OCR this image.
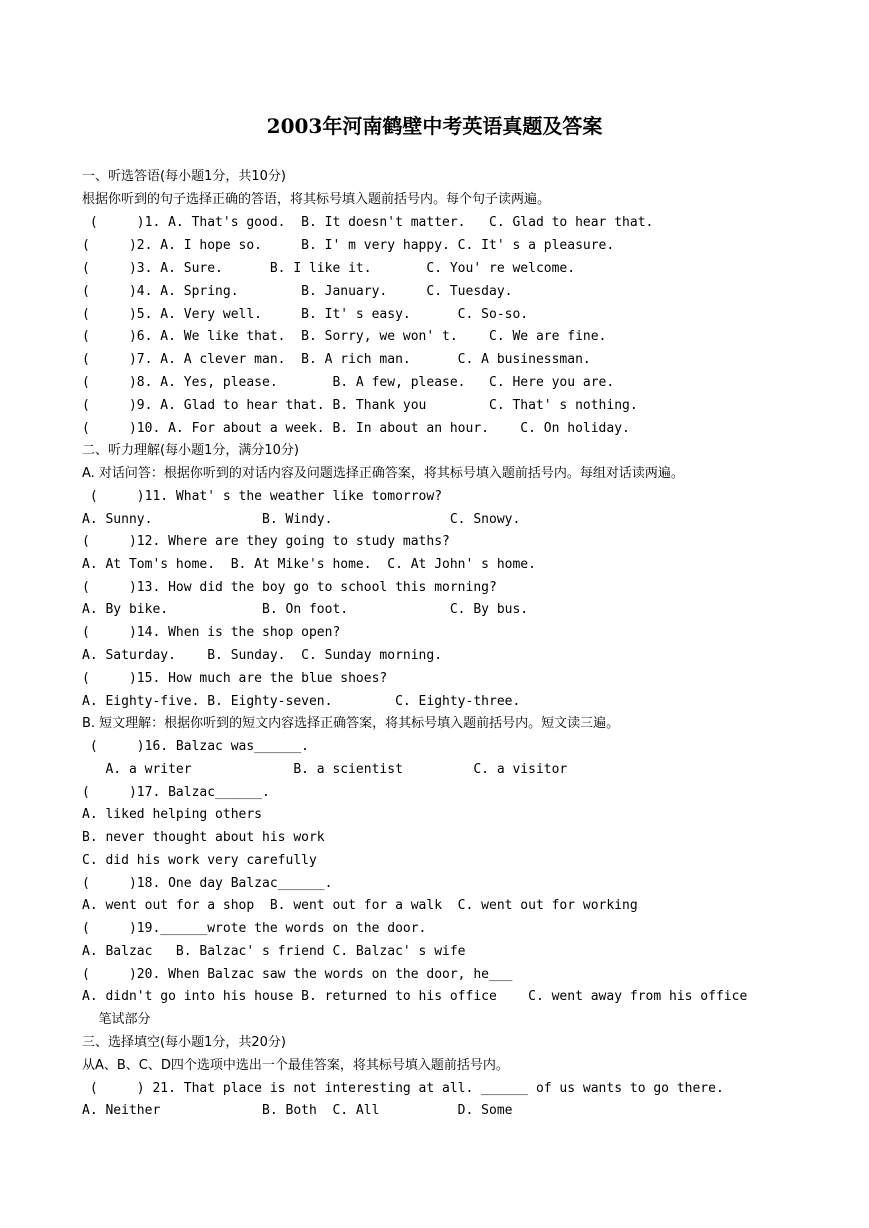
2003年河南鹤壁中考英语真题及答案
一、听选答语(每小题1分，共10分)
根据你听到的句子选择正确的答语，将其标号填入题前括号内。每个句子读两遍。
(     )1. A. That's good.  B. It doesn't matter.   C. Glad to hear that.
(     )2. A. I hope so.     B. I' m very happy. C. It' s a pleasure.
(     )3. A. Sure.      B. I like it.       C. You' re welcome.
(     )4. A. Spring.        B. January.     C. Tuesday.
(     )5. A. Very well.     B. It' s easy.      C. So-so.
(     )6. A. We like that.  B. Sorry, we won' t.    C. We are fine.
(     )7. A. A clever man.  B. A rich man.      C. A businessman.
(     )8. A. Yes, please.       B. A few, please.   C. Here you are.
(     )9. A. Glad to hear that. B. Thank you        C. That' s nothing.
(     )10. A. For about a week. B. In about an hour.    C. On holiday.
二、听力理解(每小题1分，满分10分)
A. 对话问答：根据你听到的对话内容及问题选择正确答案，将其标号填入题前括号内。每组对话读两遍。
(     )11. What' s the weather like tomorrow?
A. Sunny.              B. Windy.               C. Snowy.
(     )12. Where are they going to study maths?
A. At Tom's home.  B. At Mike's home.  C. At John' s home.
(     )13. How did the boy go to school this morning?
A. By bike.            B. On foot.             C. By bus.
(     )14. When is the shop open?
A. Saturday.    B. Sunday.  C. Sunday morning.
(     )15. How much are the blue shoes?
A. Eighty-five. B. Eighty-seven.        C. Eighty-three.
B. 短文理解：根据你听到的短文内容选择正确答案，将其标号填入题前括号内。短文读三遍。
(     )16. Balzac was______.
A. a writer             B. a scientist         C. a visitor
(     )17. Balzac______.
A. liked helping others
B. never thought about his work
C. did his work very carefully
(     )18. One day Balzac______.
A. went out for a shop  B. went out for a walk  C. went out for working
(     )19.______wrote the words on the door.
A. Balzac   B. Balzac' s friend C. Balzac' s wife
(     )20. When Balzac saw the words on the door, he___
A. didn't go into his house B. returned to his office    C. went away from his office
笔试部分
三、选择填空(每小题1分，共20分)
从A、B、C、D四个选项中选出一个最佳答案，将其标号填入题前括号内。
(     ) 21. That place is not interesting at all. ______ of us wants to go there.
A. Neither             B. Both  C. All          D. Some
